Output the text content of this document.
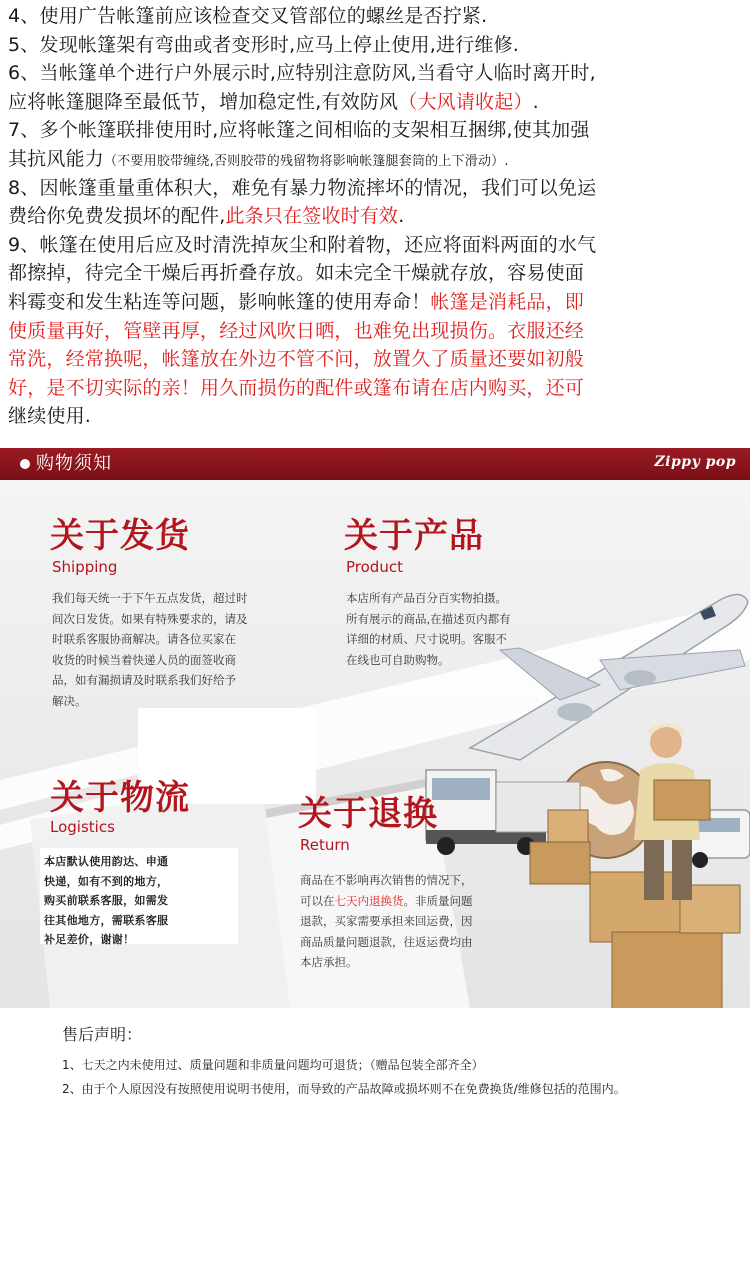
4、使用广告帐篷前应该检查交叉管部位的螺丝是否拧紧.
5、发现帐篷架有弯曲或者变形时,应马上停止使用,进行维修.
6、当帐篷单个进行户外展示时,应特别注意防风,当看守人临时离开时,
应将帐篷腿降至最低节，增加稳定性,有效防风（大风请收起）.
7、多个帐篷联排使用时,应将帐篷之间相临的支架相互捆绑,使其加强
其抗风能力（不要用胶带缠绕,否则胶带的残留物将影响帐篷腿套筒的上下滑动）.
8、因帐篷重量重体积大，难免有暴力物流摔坏的情况，我们可以免运
费给你免费发损坏的配件,此条只在签收时有效.
9、帐篷在使用后应及时清洗掉灰尘和附着物，还应将面料两面的水气
都擦掉，待完全干燥后再折叠存放。如未完全干燥就存放，容易使面
料霉变和发生粘连等问题，影响帐篷的使用寿命！帐篷是消耗品，即
使质量再好，管壁再厚，经过风吹日晒，也难免出现损伤。衣服还经
常洗，经常换呢，帐篷放在外边不管不问，放置久了质量还要如初般
好，是不切实际的亲！用久而损伤的配件或篷布请在店内购买，还可
继续使用.
购物须知	Zippy pop
关于发货
Shipping
我们每天统一于下午五点发货，超过时
间次日发货。如果有特殊要求的，请及
时联系客服协商解决。请各位买家在
收货的时候当着快递人员的面签收商
品，如有漏损请及时联系我们好给予
解决。
关于产品
Product
本店所有产品百分百实物拍摄。
所有展示的商品,在描述页内都有
详细的材质、尺寸说明。客服不
在线也可自助购物。
关于物流
Logistics
本店默认使用韵达、申通
快递，如有不到的地方，
购买前联系客服，如需发
往其他地方，需联系客服
补足差价，谢谢！
关于退换
Return
商品在不影响再次销售的情况下，
可以在七天内退换货。非质量问题
退款，买家需要承担来回运费，因
商品质量问题退款，往返运费均由
本店承担。
售后声明：
1、七天之内未使用过、质量问题和非质量问题均可退货；（赠品包装全部齐全）
2、由于个人原因没有按照使用说明书使用，而导致的产品故障或损坏则不在免费换货/维修包括的范围内。
